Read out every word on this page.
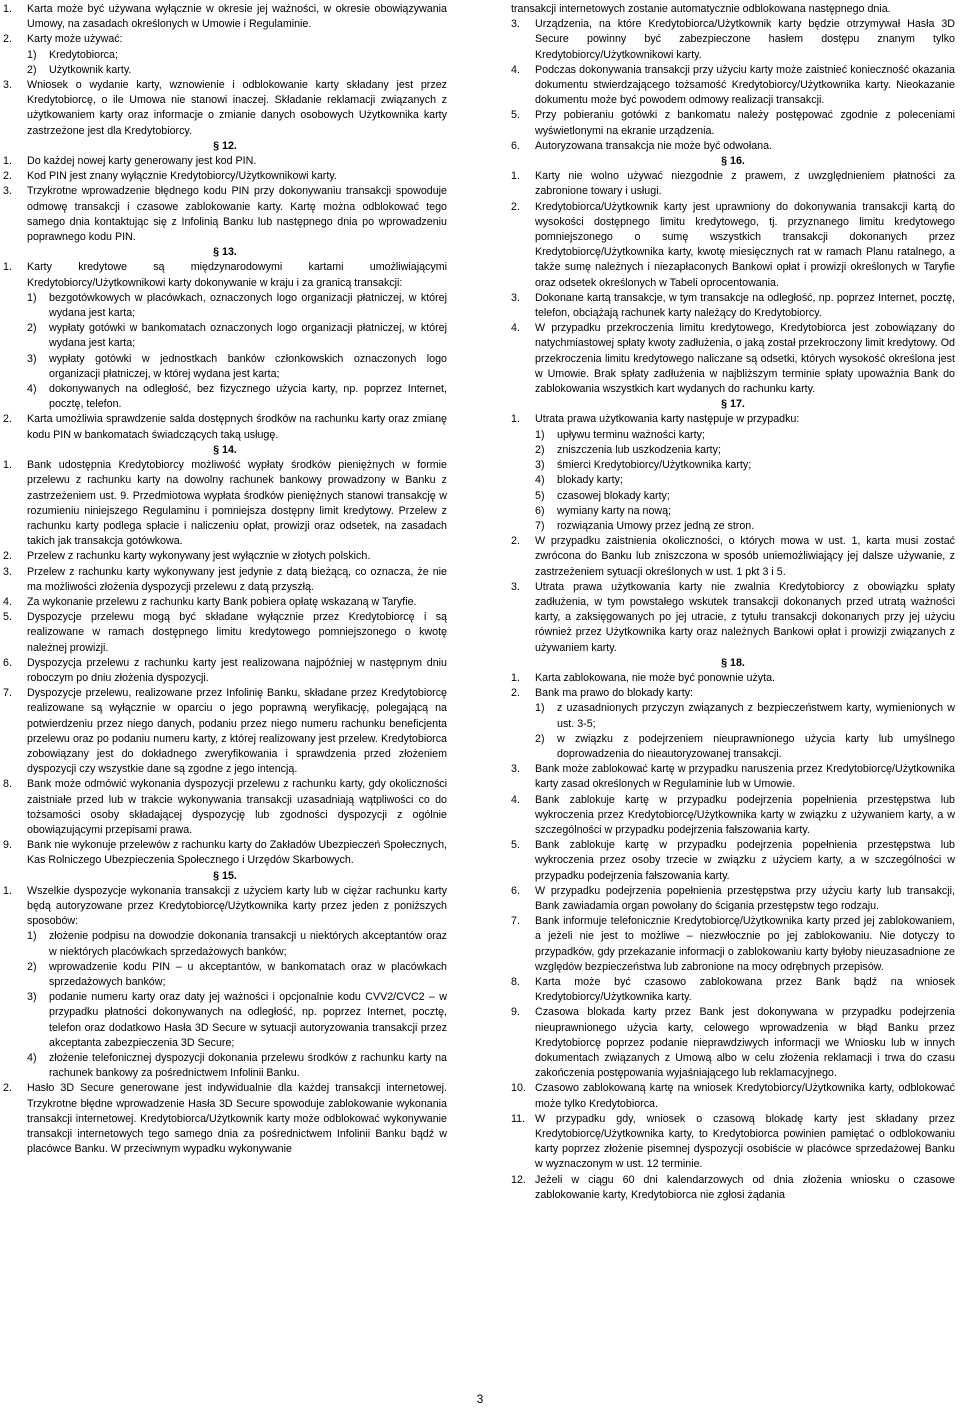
1. Karta może być używana wyłącznie w okresie jej ważności, w okresie obowiązywania Umowy, na zasadach określonych w Umowie i Regulaminie.
2. Karty może używać:
1) Kredytobiorca;
2) Użytkownik karty.
3. Wniosek o wydanie karty, wznowienie i odblokowanie karty składany jest przez Kredytobiorcę, o ile Umowa nie stanowi inaczej. Składanie reklamacji związanych z użytkowaniem karty oraz informacje o zmianie danych osobowych Użytkownika karty zastrzeżone jest dla Kredytobiorcy.
§ 12.
1. Do każdej nowej karty generowany jest kod PIN.
2. Kod PIN jest znany wyłącznie Kredytobiorcy/Użytkownikowi karty.
3. Trzykrotne wprowadzenie błędnego kodu PIN przy dokonywaniu transakcji spowoduje odmowę transakcji i czasowe zablokowanie karty. Kartę można odblokować tego samego dnia kontaktując się z Infolinią Banku lub następnego dnia po wprowadzeniu poprawnego kodu PIN.
§ 13.
1. Karty kredytowe są międzynarodowymi kartami umożliwiającymi Kredytobiorcy/Użytkownikowi karty dokonywanie w kraju i za granicą transakcji:
1) bezgotówkowych w placówkach, oznaczonych logo organizacji płatniczej, w której wydana jest karta;
2) wypłaty gotówki w bankomatach oznaczonych logo organizacji płatniczej, w której wydana jest karta;
3) wypłaty gotówki w jednostkach banków członkowskich oznaczonych logo organizacji płatniczej, w której wydana jest karta;
4) dokonywanych na odległość, bez fizycznego użycia karty, np. poprzez Internet, pocztę, telefon.
2. Karta umożliwia sprawdzenie salda dostępnych środków na rachunku karty oraz zmianę kodu PIN w bankomatach świadczących taką usługę.
§ 14.
1. Bank udostępnia Kredytobiorcy możliwość wypłaty środków pieniężnych w formie przelewu z rachunku karty na dowolny rachunek bankowy prowadzony w Banku z zastrzeżeniem ust. 9. Przedmiotowa wypłata środków pieniężnych stanowi transakcję w rozumieniu niniejszego Regulaminu i pomniejsza dostępny limit kredytowy. Przelew z rachunku karty podlega spłacie i naliczeniu opłat, prowizji oraz odsetek, na zasadach takich jak transakcja gotówkowa.
2. Przelew z rachunku karty wykonywany jest wyłącznie w złotych polskich.
3. Przelew z rachunku karty wykonywany jest jedynie z datą bieżącą, co oznacza, że nie ma możliwości złożenia dyspozycji przelewu z datą przyszłą.
4. Za wykonanie przelewu z rachunku karty Bank pobiera opłatę wskazaną w Taryfie.
5. Dyspozycje przelewu mogą być składane wyłącznie przez Kredytobiorcę i są realizowane w ramach dostępnego limitu kredytowego pomniejszonego o kwotę należnej prowizji.
6. Dyspozycja przelewu z rachunku karty jest realizowana najpóźniej w następnym dniu roboczym po dniu złożenia dyspozycji.
7. Dyspozycje przelewu, realizowane przez Infolinię Banku, składane przez Kredytobiorcę realizowane są wyłącznie w oparciu o jego poprawną weryfikację, polegającą na potwierdzeniu przez niego danych, podaniu przez niego numeru rachunku beneficjenta przelewu oraz po podaniu numeru karty, z której realizowany jest przelew. Kredytobiorca zobowiązany jest do dokładnego zweryfikowania i sprawdzenia przed złożeniem dyspozycji czy wszystkie dane są zgodne z jego intencją.
8. Bank może odmówić wykonania dyspozycji przelewu z rachunku karty, gdy okoliczności zaistniałe przed lub w trakcie wykonywania transakcji uzasadniają wątpliwości co do tożsamości osoby składającej dyspozycję lub zgodności dyspozycji z ogólnie obowiązującymi przepisami prawa.
9. Bank nie wykonuje przelewów z rachunku karty do Zakładów Ubezpieczeń Społecznych, Kas Rolniczego Ubezpieczenia Społecznego i Urzędów Skarbowych.
§ 15.
1. Wszelkie dyspozycje wykonania transakcji z użyciem karty lub w ciężar rachunku karty będą autoryzowane przez Kredytobiorcę/Użytkownika karty przez jeden z poniższych sposobów:
1) złożenie podpisu na dowodzie dokonania transakcji u niektórych akceptantów oraz w niektórych placówkach sprzedażowych banków;
2) wprowadzenie kodu PIN – u akceptantów, w bankomatach oraz w placówkach sprzedażowych banków;
3) podanie numeru karty oraz daty jej ważności i opcjonalnie kodu CVV2/CVC2 – w przypadku płatności dokonywanych na odległość, np. poprzez Internet, pocztę, telefon oraz dodatkowo Hasła 3D Secure w sytuacji autoryzowania transakcji przez akceptanta zabezpieczenia 3D Secure;
4) złożenie telefonicznej dyspozycji dokonania przelewu środków z rachunku karty na rachunek bankowy za pośrednictwem Infolinii Banku.
2. Hasło 3D Secure generowane jest indywidualnie dla każdej transakcji internetowej. Trzykrotne błędne wprowadzenie Hasła 3D Secure spowoduje zablokowanie wykonania transakcji internetowej. Kredytobiorca/Użytkownik karty może odblokować wykonywanie transakcji internetowych tego samego dnia za pośrednictwem Infolinii Banku bądź w placówce Banku. W przeciwnym wypadku wykonywanie
transakcji internetowych zostanie automatycznie odblokowana następnego dnia.
3. Urządzenia, na które Kredytobiorca/Użytkownik karty będzie otrzymywał Hasła 3D Secure powinny być zabezpieczone hasłem dostępu znanym tylko Kredytobiorcy/Użytkownikowi karty.
4. Podczas dokonywania transakcji przy użyciu karty może zaistnieć konieczność okazania dokumentu stwierdzającego tożsamość Kredytobiorcy/Użytkownika karty. Nieokazanie dokumentu może być powodem odmowy realizacji transakcji.
5. Przy pobieraniu gotówki z bankomatu należy postępować zgodnie z poleceniami wyświetlonymi na ekranie urządzenia.
6. Autoryzowana transakcja nie może być odwołana.
§ 16.
1. Karty nie wolno używać niezgodnie z prawem, z uwzględnieniem płatności za zabronione towary i usługi.
2. Kredytobiorca/Użytkownik karty jest uprawniony do dokonywania transakcji kartą do wysokości dostępnego limitu kredytowego, tj. przyznanego limitu kredytowego pomniejszonego o sumę wszystkich transakcji dokonanych przez Kredytobiorcę/Użytkownika karty, kwotę miesięcznych rat w ramach Planu ratalnego, a także sumę należnych i niezapłaconych Bankowi opłat i prowizji określonych w Taryfie oraz odsetek określonych w Tabeli oprocentowania.
3. Dokonane kartą transakcje, w tym transakcje na odległość, np. poprzez Internet, pocztę, telefon, obciążają rachunek karty należący do Kredytobiorcy.
4. W przypadku przekroczenia limitu kredytowego, Kredytobiorca jest zobowiązany do natychmiastowej spłaty kwoty zadłużenia, o jaką został przekroczony limit kredytowy. Od przekroczenia limitu kredytowego naliczane są odsetki, których wysokość określona jest w Umowie. Brak spłaty zadłużenia w najbliższym terminie spłaty upoważnia Bank do zablokowania wszystkich kart wydanych do rachunku karty.
§ 17.
1. Utrata prawa użytkowania karty następuje w przypadku:
1) upływu terminu ważności karty;
2) zniszczenia lub uszkodzenia karty;
3) śmierci Kredytobiorcy/Użytkownika karty;
4) blokady karty;
5) czasowej blokady karty;
6) wymiany karty na nową;
7) rozwiązania Umowy przez jedną ze stron.
2. W przypadku zaistnienia okoliczności, o których mowa w ust. 1, karta musi zostać zwrócona do Banku lub zniszczona w sposób uniemożliwiający jej dalsze używanie, z zastrzeżeniem sytuacji określonych w ust. 1 pkt 3 i 5.
3. Utrata prawa użytkowania karty nie zwalnia Kredytobiorcy z obowiązku spłaty zadłużenia, w tym powstałego wskutek transakcji dokonanych przed utratą ważności karty, a zaksięgowanych po jej utracie, z tytułu transakcji dokonanych przy jej użyciu również przez Użytkownika karty oraz należnych Bankowi opłat i prowizji związanych z używaniem karty.
§ 18.
1. Karta zablokowana, nie może być ponownie użyta.
2. Bank ma prawo do blokady karty:
1) z uzasadnionych przyczyn związanych z bezpieczeństwem karty, wymienionych w ust. 3-5;
2) w związku z podejrzeniem nieuprawnionego użycia karty lub umyślnego doprowadzenia do nieautoryzowanej transakcji.
3. Bank może zablokować kartę w przypadku naruszenia przez Kredytobiorcę/Użytkownika karty zasad określonych w Regulaminie lub w Umowie.
4. Bank zablokuje kartę w przypadku podejrzenia popełnienia przestępstwa lub wykroczenia przez Kredytobiorcę/Użytkownika karty w związku z używaniem karty, a w szczególności w przypadku podejrzenia fałszowania karty.
5. Bank zablokuje kartę w przypadku podejrzenia popełnienia przestępstwa lub wykroczenia przez osoby trzecie w związku z użyciem karty, a w szczególności w przypadku podejrzenia fałszowania karty.
6. W przypadku podejrzenia popełnienia przestępstwa przy użyciu karty lub transakcji, Bank zawiadamia organ powołany do ścigania przestępstw tego rodzaju.
7. Bank informuje telefonicznie Kredytobiorcę/Użytkownika karty przed jej zablokowaniem, a jeżeli nie jest to możliwe – niezwłocznie po jej zablokowaniu. Nie dotyczy to przypadków, gdy przekazanie informacji o zablokowaniu karty byłoby nieuzasadnione ze względów bezpieczeństwa lub zabronione na mocy odrębnych przepisów.
8. Karta może być czasowo zablokowana przez Bank bądź na wniosek Kredytobiorcy/Użytkownika karty.
9. Czasowa blokada karty przez Bank jest dokonywana w przypadku podejrzenia nieuprawnionego użycia karty, celowego wprowadzenia w błąd Banku przez Kredytobiorcę poprzez podanie nieprawdziwych informacji we Wniosku lub w innych dokumentach związanych z Umową albo w celu złożenia reklamacji i trwa do czasu zakończenia postępowania wyjaśniającego lub reklamacyjnego.
10. Czasowo zablokowaną kartę na wniosek Kredytobiorcy/Użytkownika karty, odblokować może tylko Kredytobiorca.
11. W przypadku gdy, wniosek o czasową blokadę karty jest składany przez Kredytobiorcę/Użytkownika karty, to Kredytobiorca powinien pamiętać o odblokowaniu karty poprzez złożenie pisemnej dyspozycji osobiście w placówce sprzedażowej Banku w wyznaczonym w ust. 12 terminie.
12. Jeżeli w ciągu 60 dni kalendarzowych od dnia złożenia wniosku o czasowe zablokowanie karty, Kredytobiorca nie zgłosi żądania
3
